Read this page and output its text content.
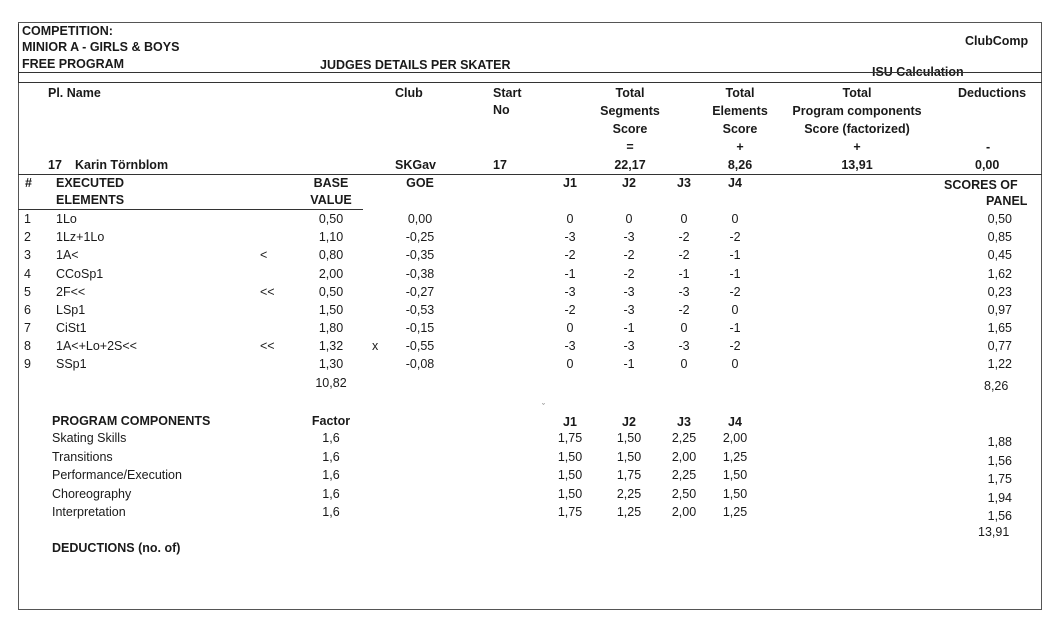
COMPETITION:
MINIOR A - GIRLS & BOYS
FREE PROGRAM	JUDGES DETAILS PER SKATER
ClubComp
ISU Calculation
Pl. Name	Club	Start
No
Total
Segments
Score
=
Total
Elements
Score
+
Total
Program components
Score (factorized)
+
Deductions
-
17 Karin Törnblom	SKGav	17	22,17	8,26	13,91	0,00
# EXECUTED
ELEMENTS
BASE
VALUE
GOE	J1	J2	J3	J4	SCORES OF
PANEL
1	1Lo	0,50	0,00	0	0	0	0	0,50
2	1Lz+1Lo	1,10	-0,25	-3	-3	-2	-2	0,85
3	1A<	<	0,80	-0,35	-2	-2	-2	-1	0,45
4	CCoSp1	2,00	-0,38	-1	-2	-1	-1	1,62
5	2F<<	<<	0,50	-0,27	-3	-3	-3	-2	0,23
6	LSp1	1,50	-0,53	-2	-3	-2	0	0,97
7	CiSt1	1,80	-0,15	0	-1	0	-1	1,65
8	1A<+Lo+2S<<	<<	1,32	x	-0,55	-3	-3	-3	-2	0,77
9	SSp1	1,30	-0,08	0	-1	0	0	1,22
10,82	8,26
ˇ
PROGRAM COMPONENTS	Factor	J1	J2	J3	J4
Skating Skills	1,6	1,75	1,50	2,25	2,00	1,88
Transitions	1,6	1,50	1,50	2,00	1,25	1,56
Performance/Execution	1,6	1,50	1,75	2,25	1,50	1,75
Choreography	1,6	1,50	2,25	2,50	1,50	1,94
Interpretation	1,6	1,75	1,25	2,00	1,25	1,56
13,91
DEDUCTIONS (no. of)
